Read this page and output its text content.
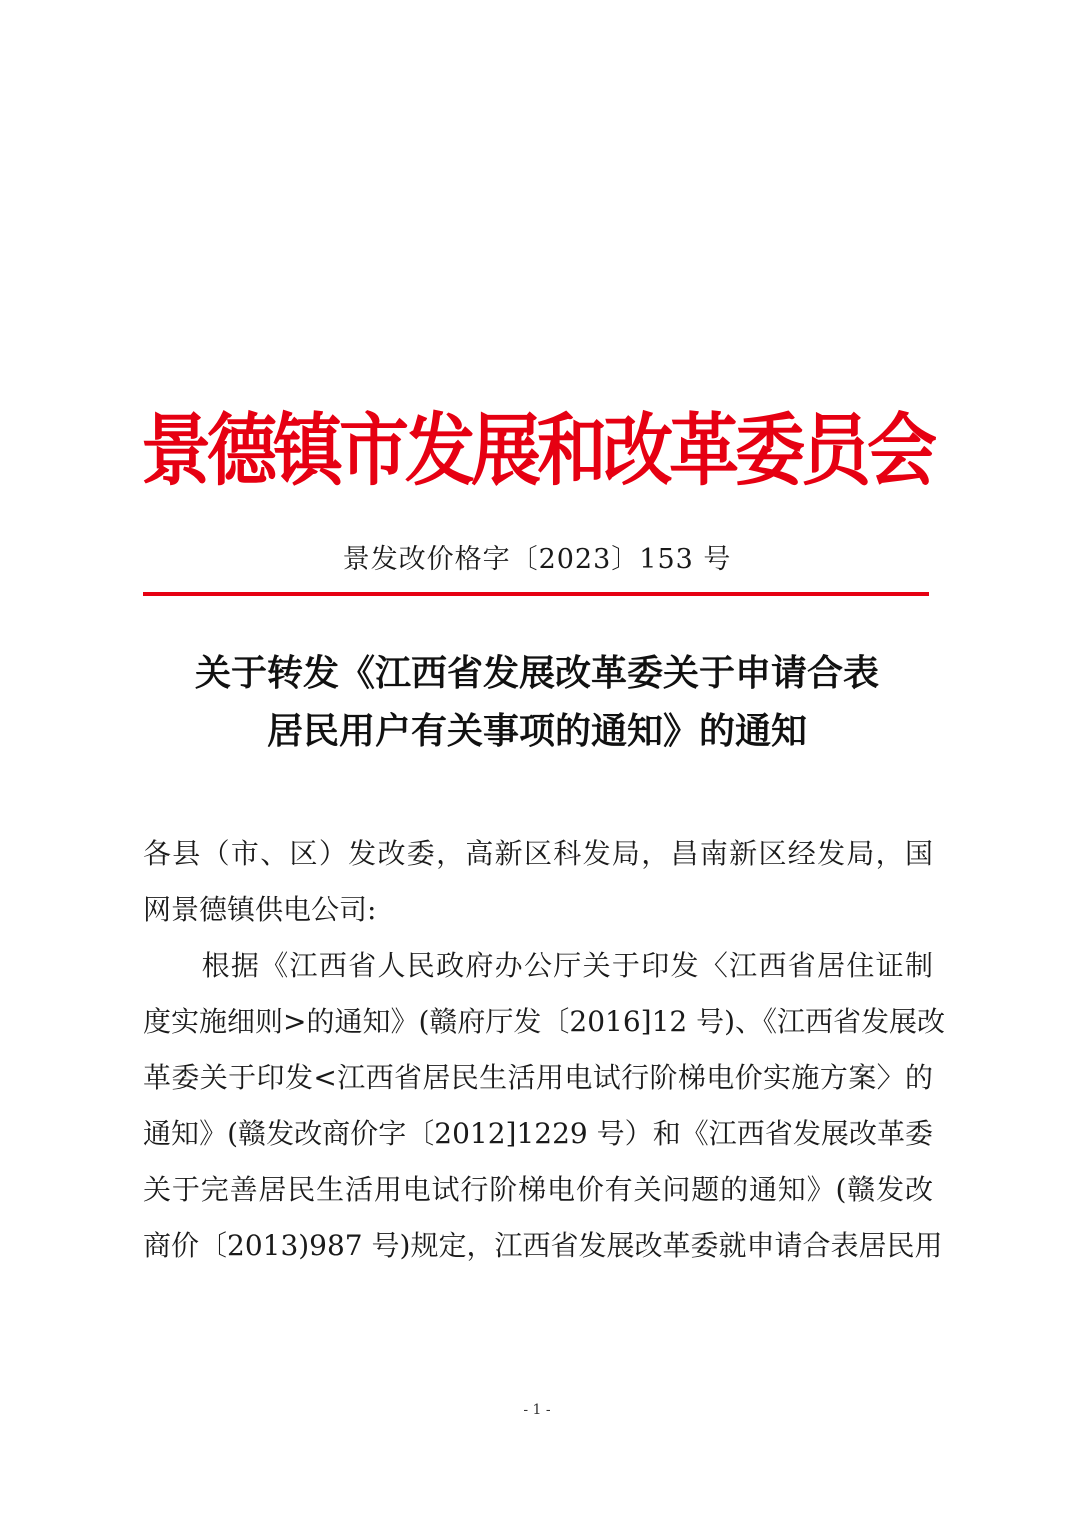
景德镇市发展和改革委员会
景发改价格字〔2023〕153 号
关于转发《江西省发展改革委关于申请合表
居民用户有关事项的通知》的通知
各县（市、区）发改委，高新区科发局，昌南新区经发局，国
网景德镇供电公司:
　　根据《江西省人民政府办公厅关于印发〈江西省居住证制
度实施细则>的通知》(赣府厅发〔2016]12 号)、《江西省发展改
革委关于印发<江西省居民生活用电试行阶梯电价实施方案〉的
通知》(赣发改商价字〔2012]1229 号）和《江西省发展改革委
关于完善居民生活用电试行阶梯电价有关问题的通知》(赣发改
商价〔2013)987 号)规定，江西省发展改革委就申请合表居民用
- 1 -
